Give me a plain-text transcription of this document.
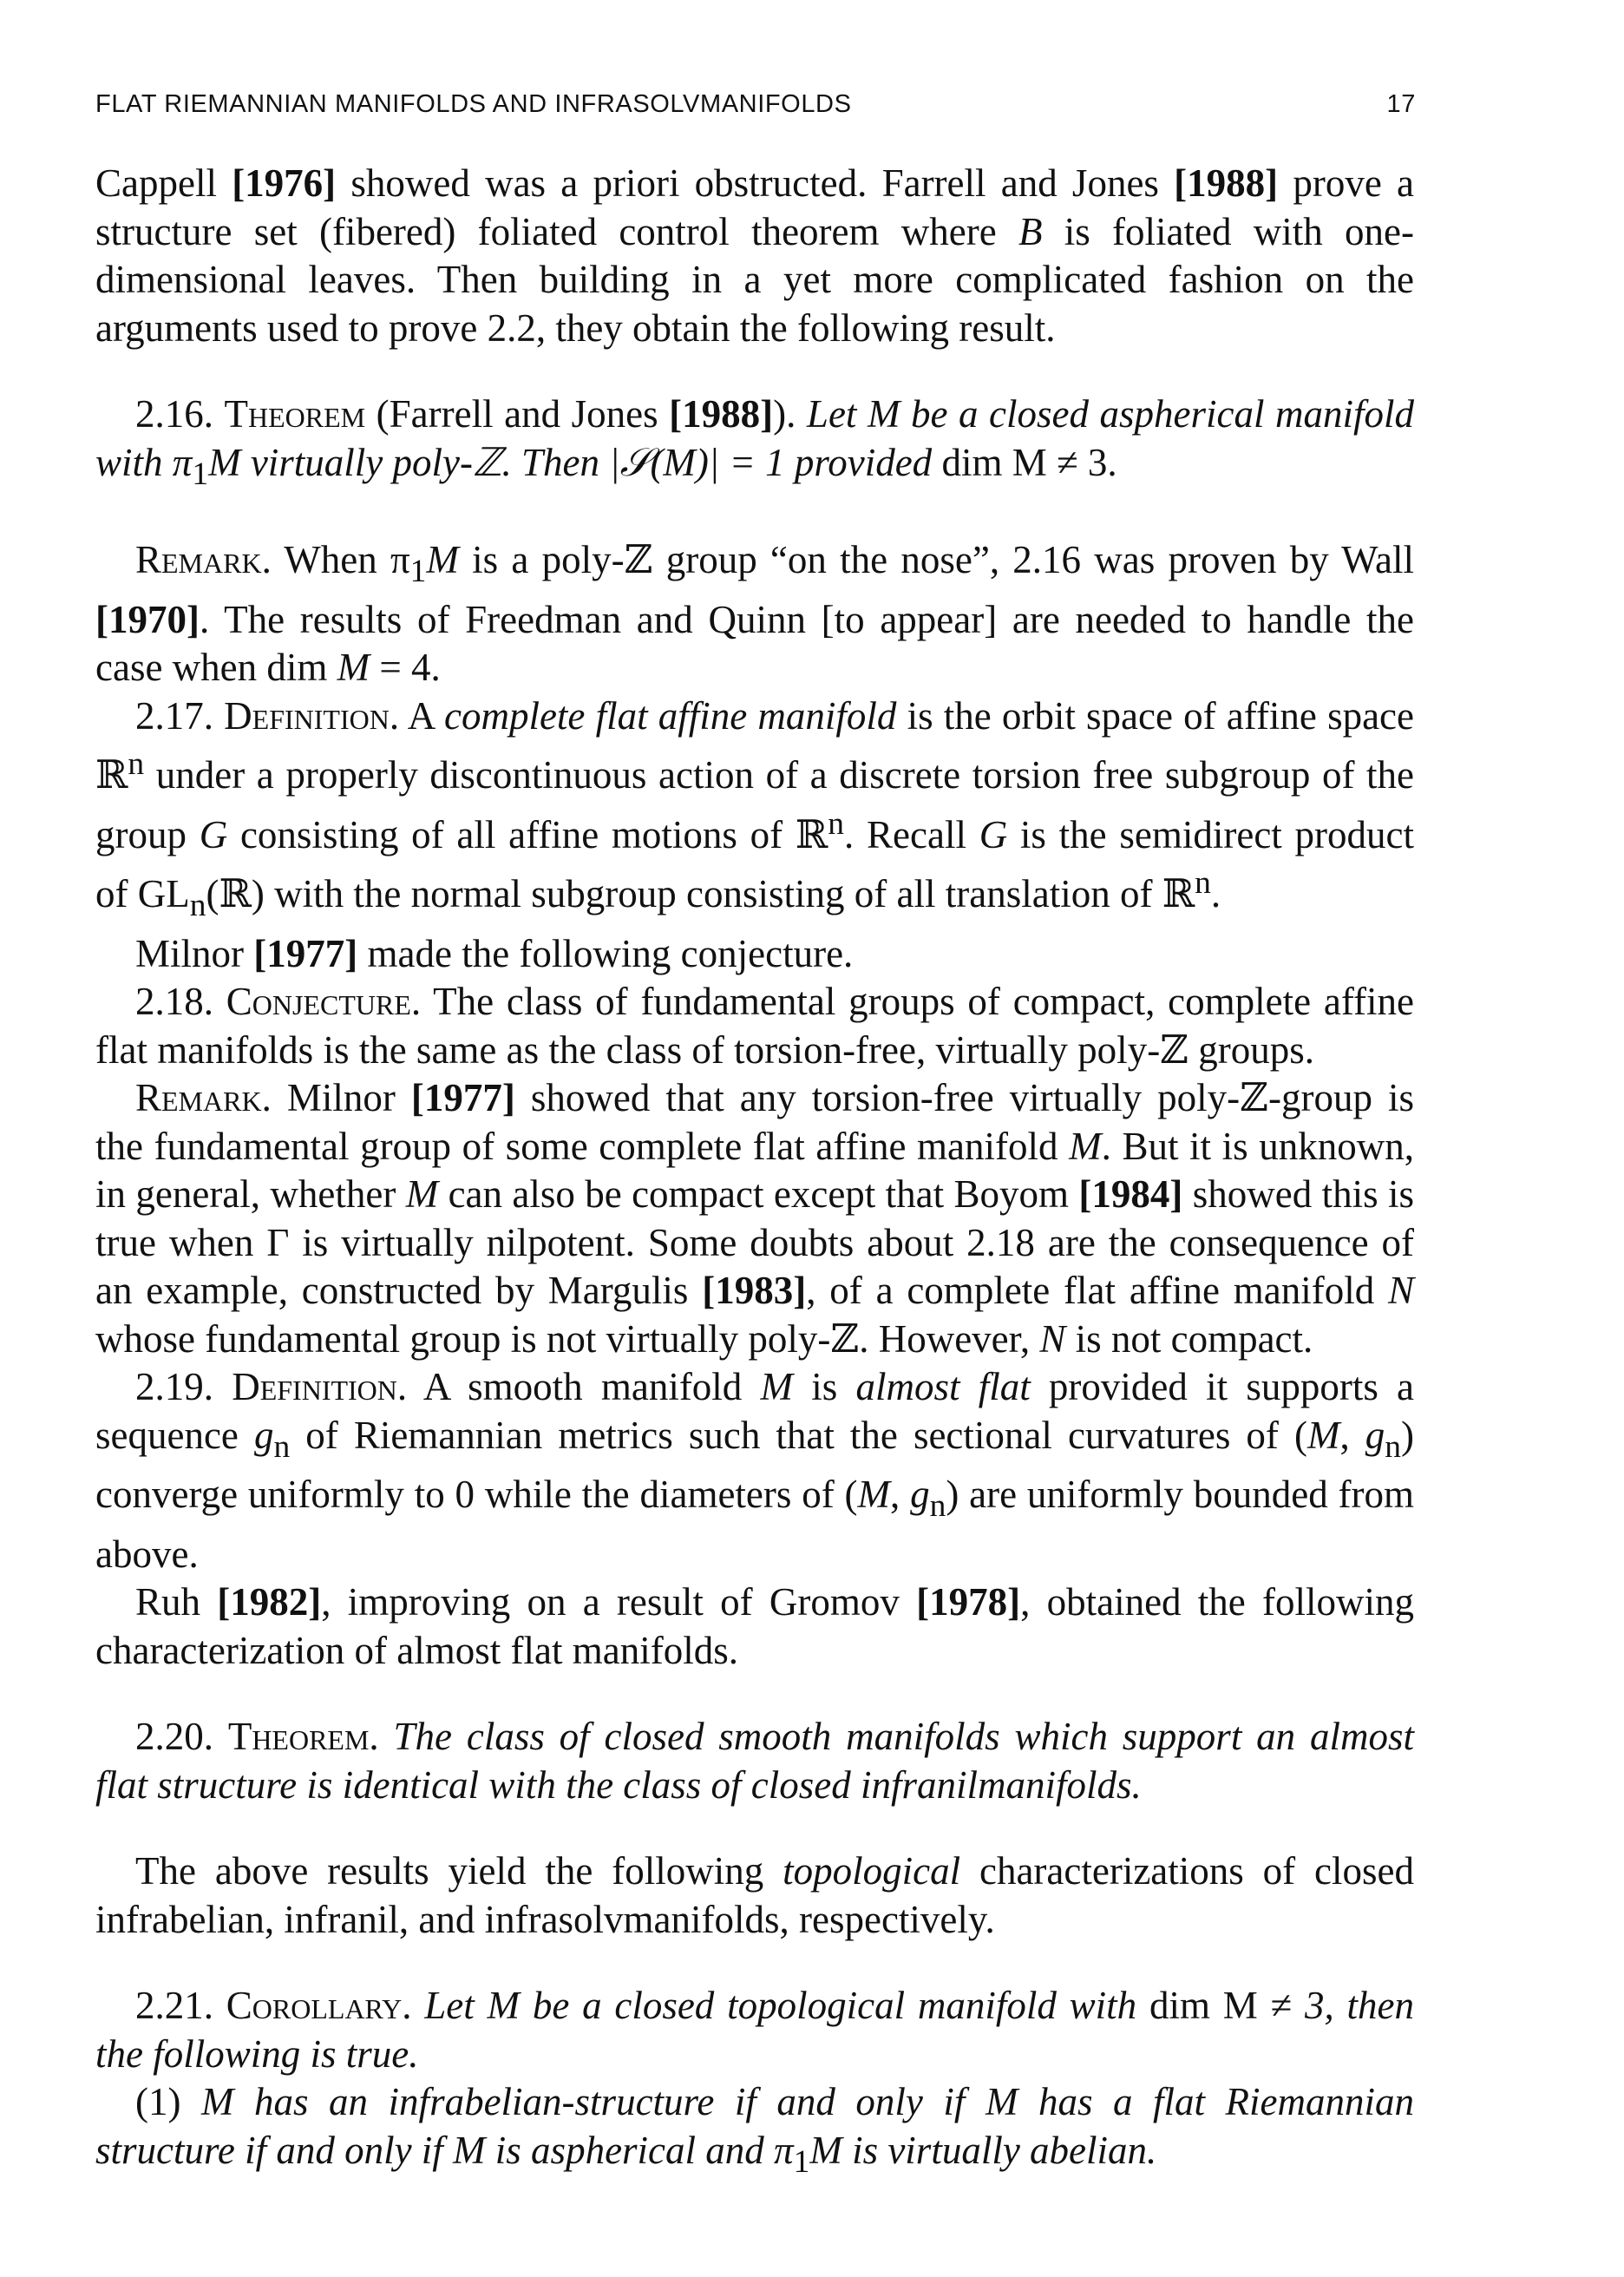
FLAT RIEMANNIAN MANIFOLDS AND INFRASOLVMANIFOLDS	17

Cappell [1976] showed was a priori obstructed. Farrell and Jones [1988] prove a structure set (fibered) foliated control theorem where B is foliated with one-dimensional leaves. Then building in a yet more complicated fashion on the arguments used to prove 2.2, they obtain the following result.

2.16. Theorem (Farrell and Jones [1988]). Let M be a closed aspherical manifold with $\pi_1M$ virtually poly-ℤ. Then |𝒮(M)| = 1 provided dim M ≠ 3.

Remark. When $\pi_1M$ is a poly-ℤ group “on the nose”, 2.16 was proven by Wall [1970]. The results of Freedman and Quinn [to appear] are needed to handle the case when dim M = 4.

2.17. Definition. A complete flat affine manifold is the orbit space of affine space ℝ$^n$ under a properly discontinuous action of a discrete torsion free subgroup of the group G consisting of all affine motions of ℝ$^n$. Recall G is the semidirect product of $GL_n(ℝ)$ with the normal subgroup consisting of all translation of ℝ$^n$.

Milnor [1977] made the following conjecture.

2.18. Conjecture. The class of fundamental groups of compact, complete affine flat manifolds is the same as the class of torsion-free, virtually poly-ℤ groups.

Remark. Milnor [1977] showed that any torsion-free virtually poly-ℤ-group is the fundamental group of some complete flat affine manifold M. But it is unknown, in general, whether M can also be compact except that Boyom [1984] showed this is true when Γ is virtually nilpotent. Some doubts about 2.18 are the consequence of an example, constructed by Margulis [1983], of a complete flat affine manifold N whose fundamental group is not virtually poly-ℤ. However, N is not compact.

2.19. Definition. A smooth manifold M is almost flat provided it supports a sequence $g_n$ of Riemannian metrics such that the sectional curvatures of (M, $g_n$) converge uniformly to 0 while the diameters of (M, $g_n$) are uniformly bounded from above.

Ruh [1982], improving on a result of Gromov [1978], obtained the following characterization of almost flat manifolds.

2.20. Theorem. The class of closed smooth manifolds which support an almost flat structure is identical with the class of closed infranilmanifolds.

The above results yield the following topological characterizations of closed infrabelian, infranil, and infrasolvmanifolds, respectively.

2.21. Corollary. Let M be a closed topological manifold with dim M ≠ 3, then the following is true.

(1) M has an infrabelian-structure if and only if M has a flat Riemannian structure if and only if M is aspherical and $\pi_1M$ is virtually abelian.
